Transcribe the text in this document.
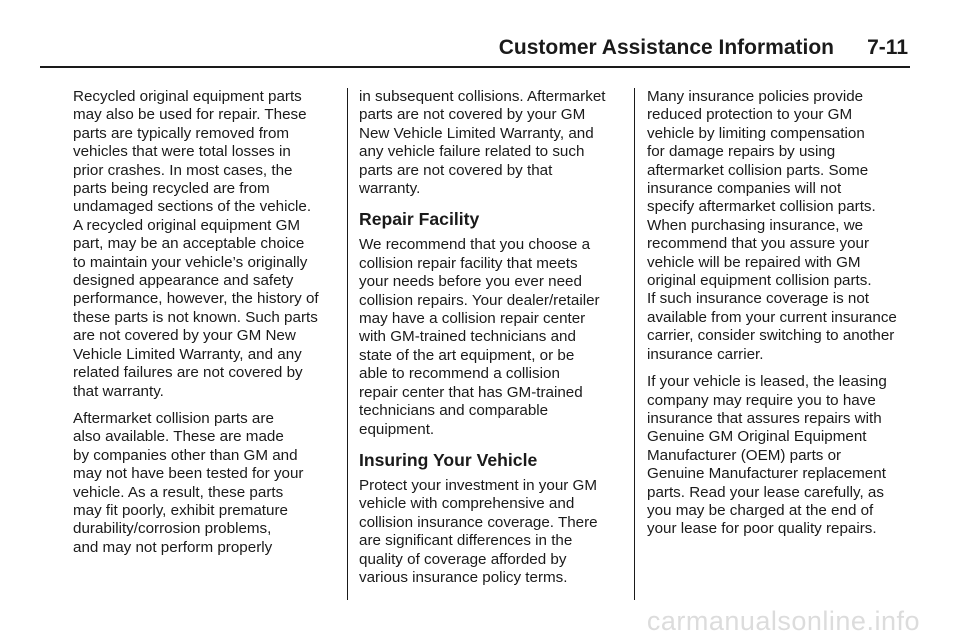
Customer Assistance Information 7-11
Recycled original equipment parts
may also be used for repair. These
parts are typically removed from
vehicles that were total losses in
prior crashes. In most cases, the
parts being recycled are from
undamaged sections of the vehicle.
A recycled original equipment GM
part, may be an acceptable choice
to maintain your vehicle’s originally
designed appearance and safety
performance, however, the history of
these parts is not known. Such parts
are not covered by your GM New
Vehicle Limited Warranty, and any
related failures are not covered by
that warranty.
Aftermarket collision parts are
also available. These are made
by companies other than GM and
may not have been tested for your
vehicle. As a result, these parts
may fit poorly, exhibit premature
durability/corrosion problems,
and may not perform properly
in subsequent collisions. Aftermarket
parts are not covered by your GM
New Vehicle Limited Warranty, and
any vehicle failure related to such
parts are not covered by that
warranty.
Repair Facility
We recommend that you choose a
collision repair facility that meets
your needs before you ever need
collision repairs. Your dealer/retailer
may have a collision repair center
with GM-trained technicians and
state of the art equipment, or be
able to recommend a collision
repair center that has GM-trained
technicians and comparable
equipment.
Insuring Your Vehicle
Protect your investment in your GM
vehicle with comprehensive and
collision insurance coverage. There
are significant differences in the
quality of coverage afforded by
various insurance policy terms.
Many insurance policies provide
reduced protection to your GM
vehicle by limiting compensation
for damage repairs by using
aftermarket collision parts. Some
insurance companies will not
specify aftermarket collision parts.
When purchasing insurance, we
recommend that you assure your
vehicle will be repaired with GM
original equipment collision parts.
If such insurance coverage is not
available from your current insurance
carrier, consider switching to another
insurance carrier.
If your vehicle is leased, the leasing
company may require you to have
insurance that assures repairs with
Genuine GM Original Equipment
Manufacturer (OEM) parts or
Genuine Manufacturer replacement
parts. Read your lease carefully, as
you may be charged at the end of
your lease for poor quality repairs.
carmanualsonline.info
